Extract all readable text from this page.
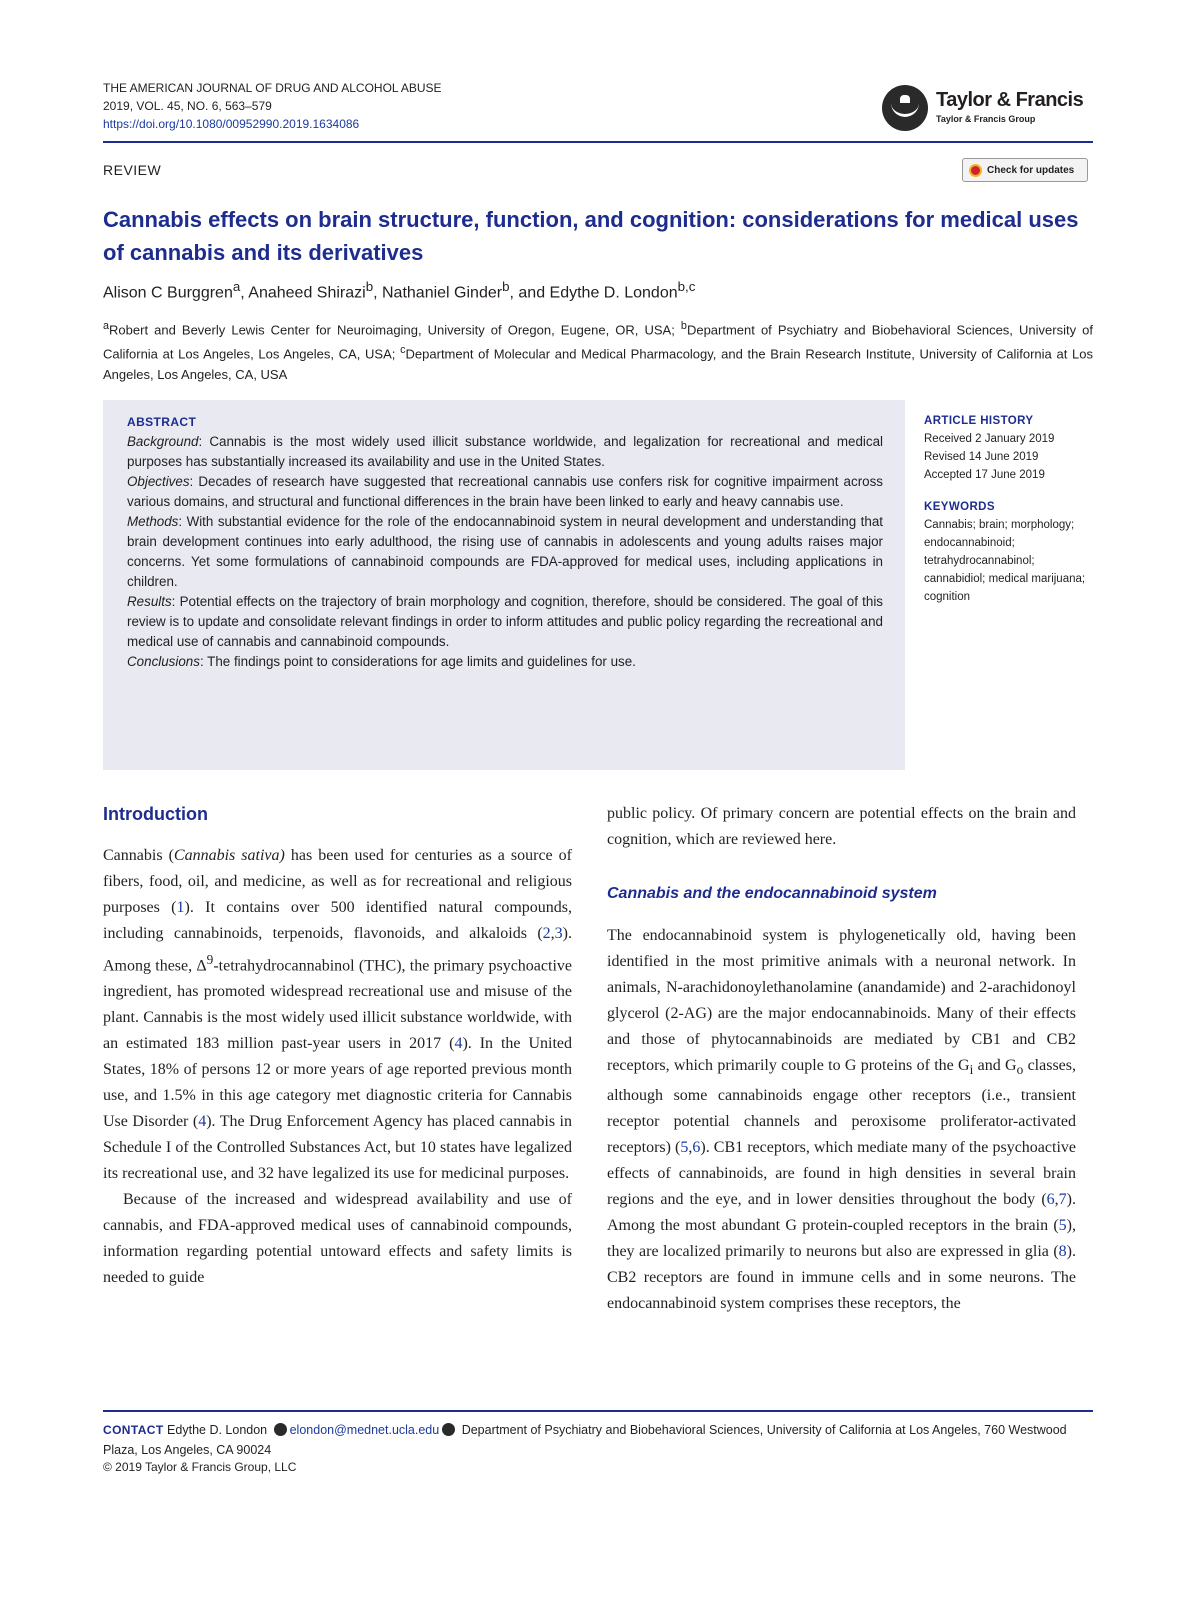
THE AMERICAN JOURNAL OF DRUG AND ALCOHOL ABUSE
2019, VOL. 45, NO. 6, 563–579
https://doi.org/10.1080/00952990.2019.1634086
Taylor & Francis
Taylor & Francis Group
REVIEW	Check for updates
Cannabis effects on brain structure, function, and cognition: considerations for medical uses of cannabis and its derivatives
Alison C Burggren$^a$, Anaheed Shirazi$^b$, Nathaniel Ginder$^b$, and Edythe D. London$^{b,c}$
$^a$Robert and Beverly Lewis Center for Neuroimaging, University of Oregon, Eugene, OR, USA; $^b$Department of Psychiatry and Biobehavioral Sciences, University of California at Los Angeles, Los Angeles, CA, USA; $^c$Department of Molecular and Medical Pharmacology, and the Brain Research Institute, University of California at Los Angeles, Los Angeles, CA, USA
ABSTRACT

Background: Cannabis is the most widely used illicit substance worldwide, and legalization for recreational and medical purposes has substantially increased its availability and use in the United States.

Objectives: Decades of research have suggested that recreational cannabis use confers risk for cognitive impairment across various domains, and structural and functional differences in the brain have been linked to early and heavy cannabis use.

Methods: With substantial evidence for the role of the endocannabinoid system in neural development and understanding that brain development continues into early adulthood, the rising use of cannabis in adolescents and young adults raises major concerns. Yet some formulations of cannabinoid compounds are FDA-approved for medical uses, including applications in children.

Results: Potential effects on the trajectory of brain morphology and cognition, therefore, should be considered. The goal of this review is to update and consolidate relevant findings in order to inform attitudes and public policy regarding the recreational and medical use of cannabis and cannabinoid compounds.

Conclusions: The findings point to considerations for age limits and guidelines for use.

ARTICLE HISTORY
Received 2 January 2019
Revised 14 June 2019
Accepted 17 June 2019
KEYWORDS
Cannabis; brain; morphology; endocannabinoid; tetrahydrocannabinol; cannabidiol; medical marijuana; cognition
Introduction

Cannabis (Cannabis sativa) has been used for centuries as a source of fibers, food, oil, and medicine, as well as for recreational and religious purposes (1). It contains over 500 identified natural compounds, including cannabinoids, terpenoids, flavonoids, and alkaloids (2,3). Among these, $\Delta^9$-tetrahydrocannabinol (THC), the primary psychoactive ingredient, has promoted widespread recreational use and misuse of the plant. Cannabis is the most widely used illicit substance worldwide, with an estimated 183 million past-year users in 2017 (4). In the United States, 18% of persons 12 or more years of age reported previous month use, and 1.5% in this age category met diagnostic criteria for Cannabis Use Disorder (4). The Drug Enforcement Agency has placed cannabis in Schedule I of the Controlled Substances Act, but 10 states have legalized its recreational use, and 32 have legalized its use for medicinal purposes.

Because of the increased and widespread availability and use of cannabis, and FDA-approved medical uses of cannabinoid compounds, information regarding potential untoward effects and safety limits is needed to guide

public policy. Of primary concern are potential effects on the brain and cognition, which are reviewed here.

Cannabis and the endocannabinoid system

The endocannabinoid system is phylogenetically old, having been identified in the most primitive animals with a neuronal network. In animals, N-arachidonoylethanolamine (anandamide) and 2-arachidonoyl glycerol (2-AG) are the major endocannabinoids. Many of their effects and those of phytocannabinoids are mediated by CB1 and CB2 receptors, which primarily couple to G proteins of the $G_i$ and $G_o$ classes, although some cannabinoids engage other receptors (i.e., transient receptor potential channels and peroxisome proliferator-activated receptors) (5,6). CB1 receptors, which mediate many of the psychoactive effects of cannabinoids, are found in high densities in several brain regions and the eye, and in lower densities throughout the body (6,7). Among the most abundant G protein-coupled receptors in the brain (5), they are localized primarily to neurons but also are expressed in glia (8). CB2 receptors are found in immune cells and in some neurons. The endocannabinoid system comprises these receptors, the

CONTACT Edythe D. London elondon@mednet.ucla.edu Department of Psychiatry and Biobehavioral Sciences, University of California at Los Angeles, 760 Westwood Plaza, Los Angeles, CA 90024
© 2019 Taylor & Francis Group, LLC
